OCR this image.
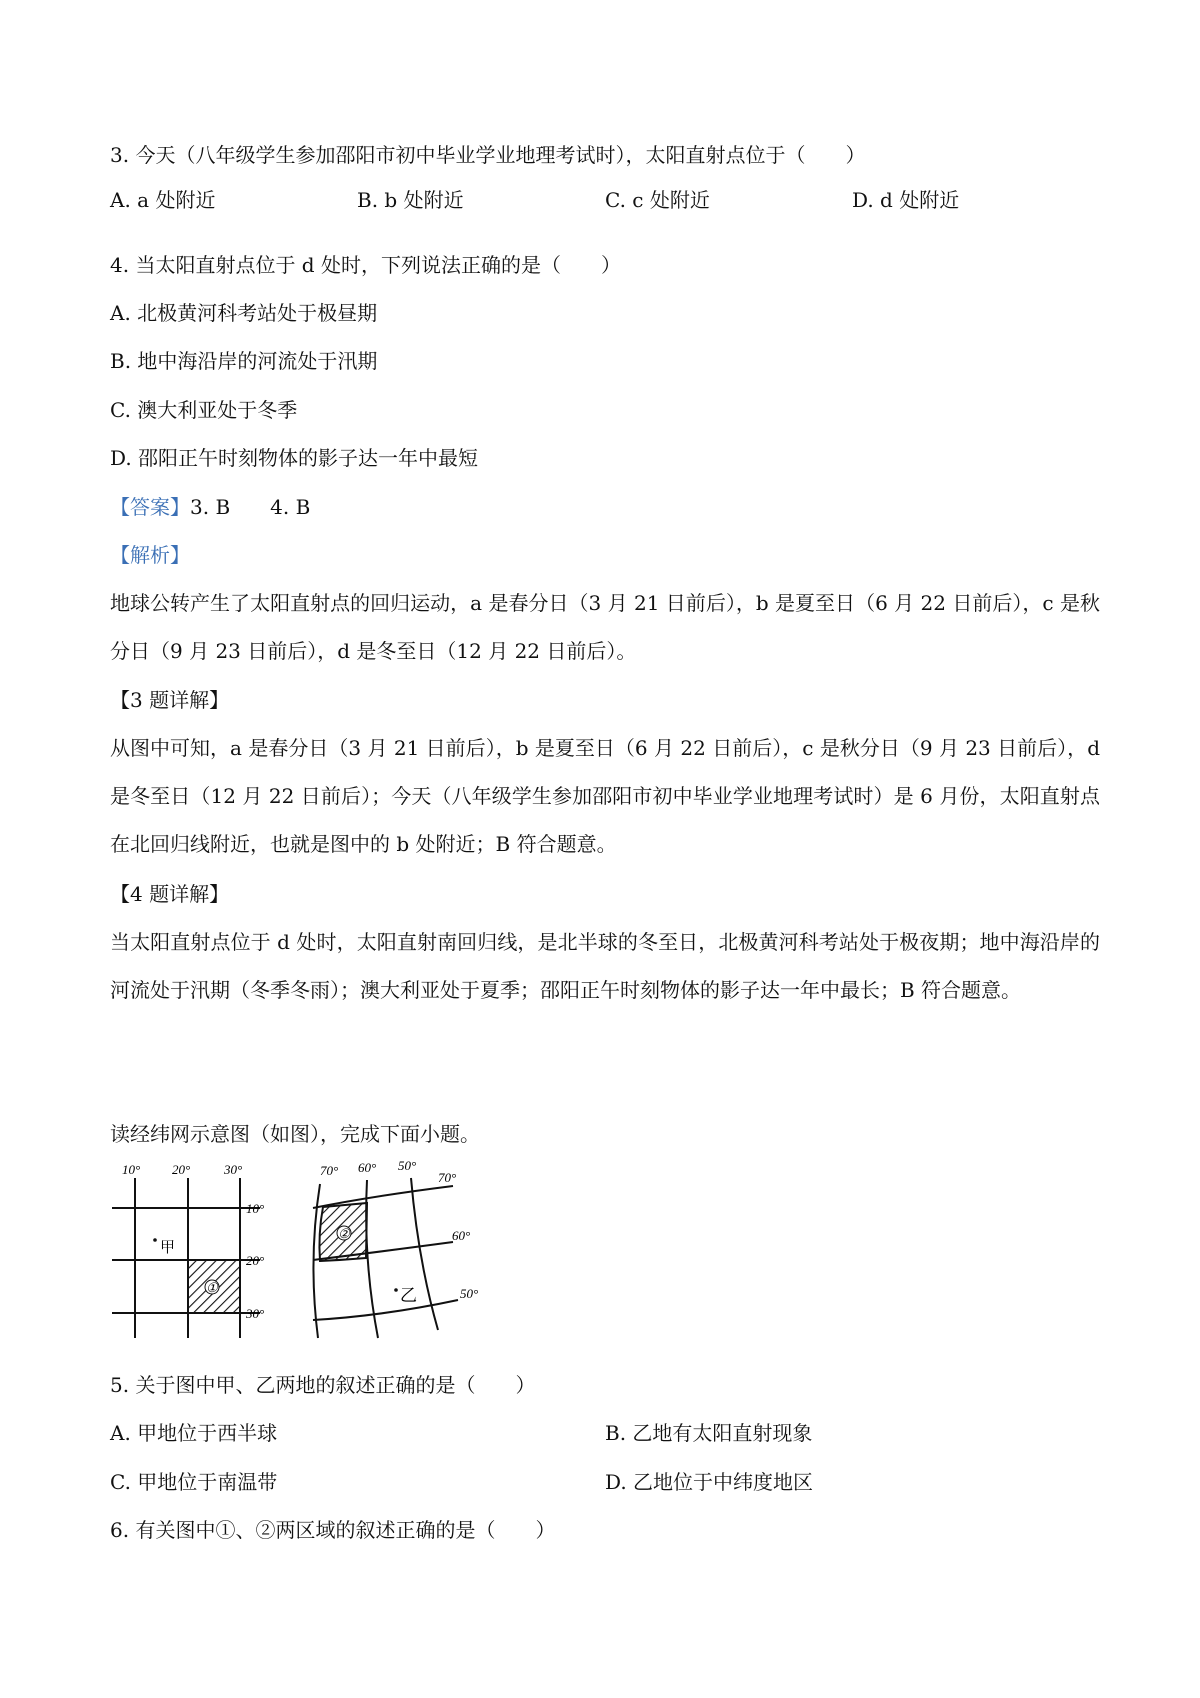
3. 今天（八年级学生参加邵阳市初中毕业学业地理考试时），太阳直射点位于（　　）
A. a 处附近	B. b 处附近	C. c 处附近	D. d 处附近
4. 当太阳直射点位于 d 处时，下列说法正确的是（　　）
A. 北极黄河科考站处于极昼期
B. 地中海沿岸的河流处于汛期
C. 澳大利亚处于冬季
D. 邵阳正午时刻物体的影子达一年中最短
【答案】3. B　　4. B
【解析】
地球公转产生了太阳直射点的回归运动，a 是春分日（3 月 21 日前后），b 是夏至日（6 月 22 日前后），c 是秋分日（9 月 23 日前后），d 是冬至日（12 月 22 日前后）。
【3 题详解】
从图中可知，a 是春分日（3 月 21 日前后），b 是夏至日（6 月 22 日前后），c 是秋分日（9 月 23 日前后），d 是冬至日（12 月 22 日前后）；今天（八年级学生参加邵阳市初中毕业学业地理考试时）是 6 月份，太阳直射点在北回归线附近，也就是图中的 b 处附近；B 符合题意。
【4 题详解】
当太阳直射点位于 d 处时，太阳直射南回归线，是北半球的冬至日，北极黄河科考站处于极夜期；地中海沿岸的河流处于汛期（冬季冬雨）；澳大利亚处于夏季；邵阳正午时刻物体的影子达一年中最长；B 符合题意。
读经纬网示意图（如图），完成下面小题。
①
10° 20°	30°
10°
20°
30°
甲
②
70° 60° 50°
70°
60°
50°
乙
5. 关于图中甲、乙两地的叙述正确的是（　　）
A. 甲地位于西半球	B. 乙地有太阳直射现象
C. 甲地位于南温带	D. 乙地位于中纬度地区
6. 有关图中①、②两区域的叙述正确的是（　　）
